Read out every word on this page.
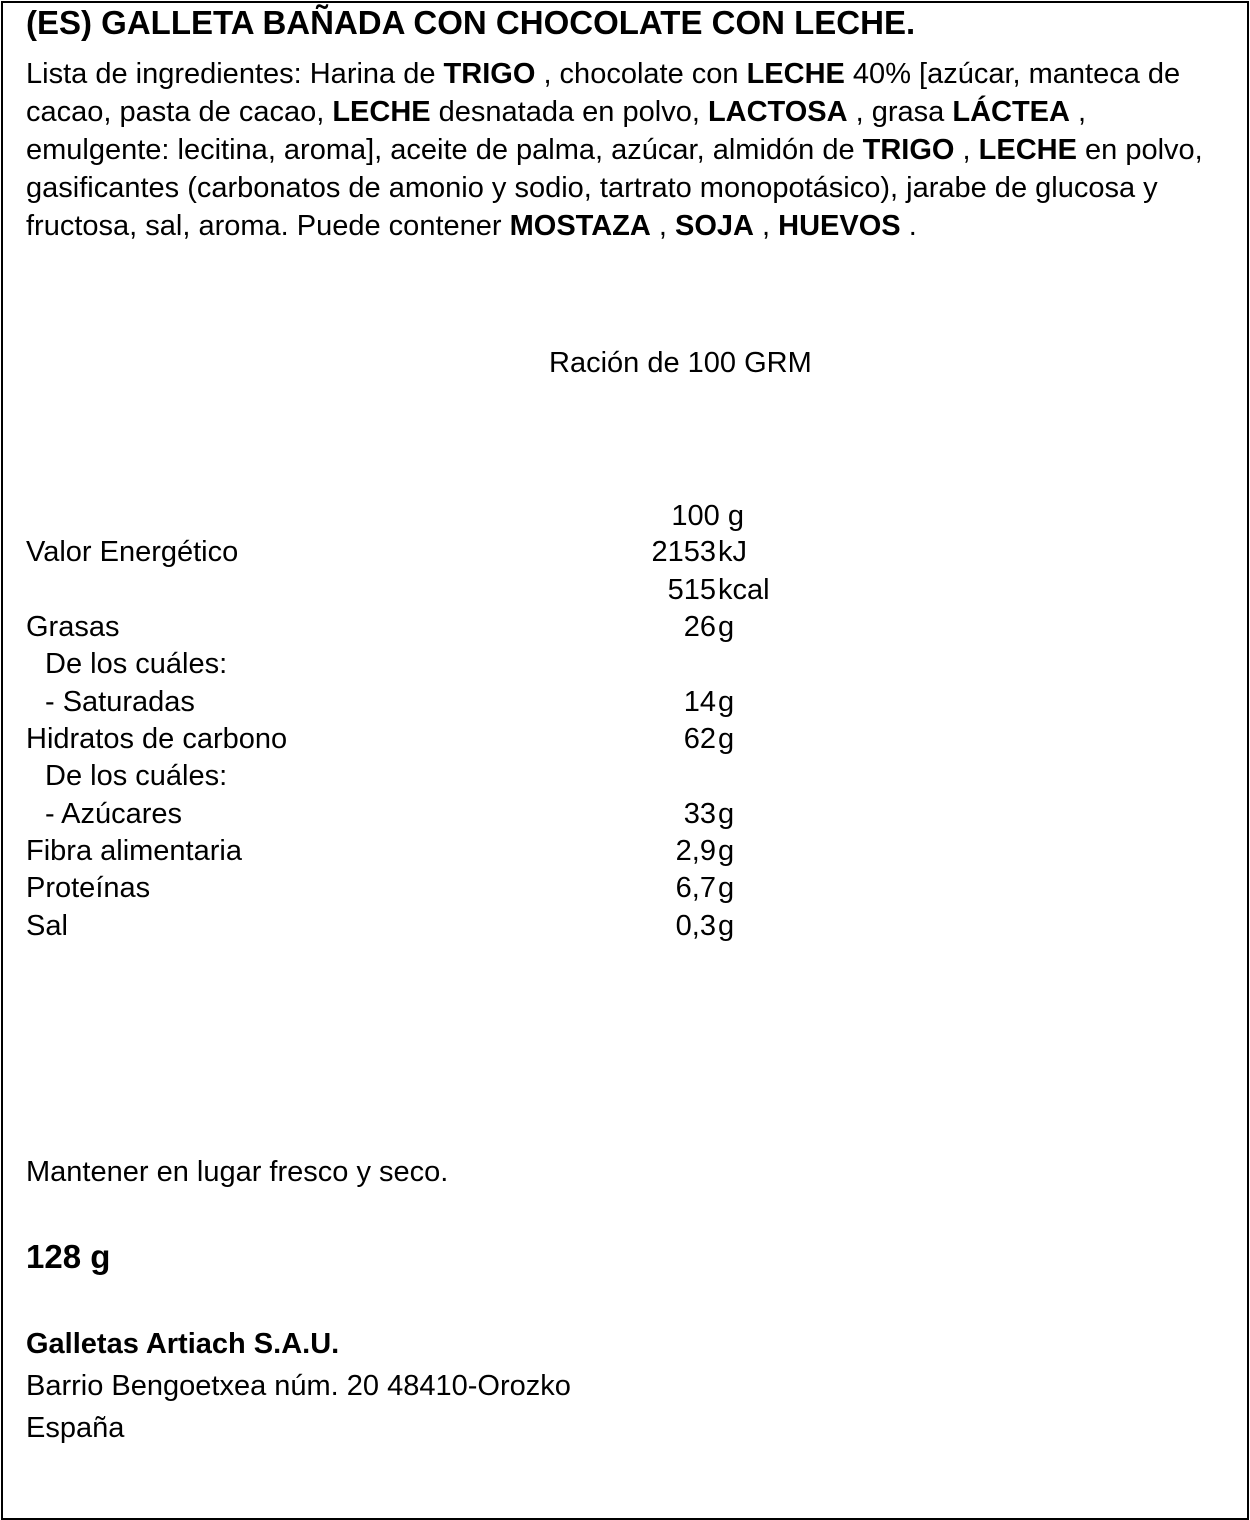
(ES) GALLETA BAÑADA CON CHOCOLATE CON LECHE.
Lista de ingredientes: Harina de TRIGO , chocolate con LECHE 40% [azúcar, manteca de cacao, pasta de cacao, LECHE desnatada en polvo, LACTOSA , grasa LÁCTEA , emulgente: lecitina, aroma], aceite de palma, azúcar, almidón de TRIGO , LECHE en polvo, gasificantes (carbonatos de amonio y sodio, tartrato monopotásico), jarabe de glucosa y fructosa, sal, aroma. Puede contener MOSTAZA , SOJA , HUEVOS .
Ración de 100 GRM
100 g
Valor Energético	2153 kJ
515 kcal
Grasas	26 g
De los cuáles:
- Saturadas	14 g
Hidratos de carbono	62 g
De los cuáles:
- Azúcares	33 g
Fibra alimentaria	2,9 g
Proteínas	6,7 g
Sal	0,3 g
Mantener en lugar fresco y seco.
128 g
Galletas Artiach S.A.U.
Barrio Bengoetxea núm. 20 48410-Orozko
España
